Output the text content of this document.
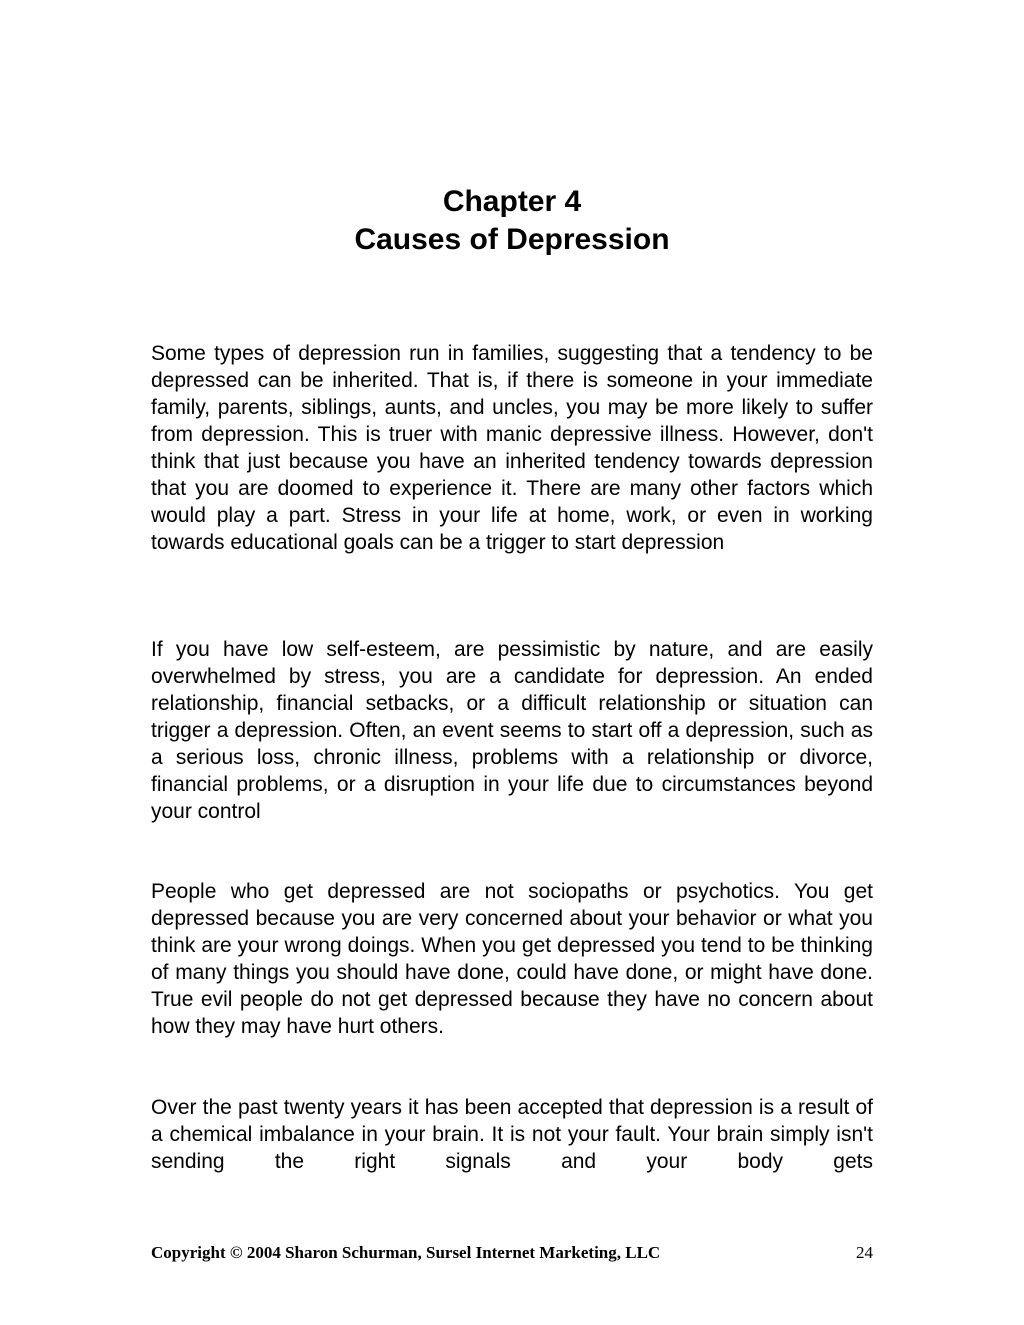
Chapter 4
Causes of Depression

Some types of depression run in families, suggesting that a tendency to be depressed can be inherited. That is, if there is someone in your immediate family, parents, siblings, aunts, and uncles, you may be more likely to suffer from depression. This is truer with manic depressive illness. However, don't think that just because you have an inherited tendency towards depression that you are doomed to experience it. There are many other factors which would play a part. Stress in your life at home, work, or even in working towards educational goals can be a trigger to start depression

If you have low self-esteem, are pessimistic by nature, and are easily overwhelmed by stress, you are a candidate for depression. An ended relationship, financial setbacks, or a difficult relationship or situation can trigger a depression. Often, an event seems to start off a depression, such as a serious loss, chronic illness, problems with a relationship or divorce, financial problems, or a disruption in your life due to circumstances beyond your control

People who get depressed are not sociopaths or psychotics. You get depressed because you are very concerned about your behavior or what you think are your wrong doings. When you get depressed you tend to be thinking of many things you should have done, could have done, or might have done. True evil people do not get depressed because they have no concern about how they may have hurt others.

Over the past twenty years it has been accepted that depression is a result of a chemical imbalance in your brain. It is not your fault. Your brain simply isn't sending the right signals and your body gets

Copyright © 2004 Sharon Schurman, Sursel Internet Marketing, LLC	24
